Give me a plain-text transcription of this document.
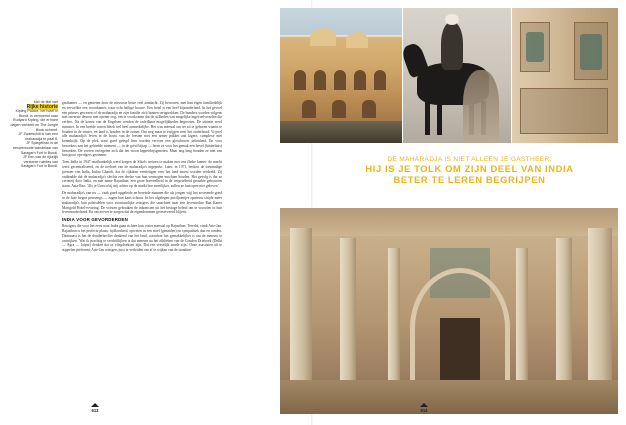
Met de titel van
Rijke historie
Kipling Palace, het hotel in
Bundi, is vernoemd naar
Rudyard Kipling, die er twee
dagen verbleef en The Jungle
Book schreef.
JF Zwartschilt is van een
maharadja te paal 8.
JF Spiegelhan in de
eeuwenoude wandelaar van
Saragarh Fort in Bundi.
JF Een van de rijkelijk
versierde ruimtes van
Saragarh Fort in Bundi.

gastkamer — en genieten door de nieuwste beste veel aandacht. Zij bewonen, met hun eigen familiedelijk en verwelkte een woonkamer, waar echt heilige bouwe. Een hotel is een heel bijzonderheid. In het gevoel een prinses gewezen of de maharadja en zijn familie zich binnen terugtrekken. De bunders worden volgens met oneerste deuren met opener oog, om te voorkomen dat de stilheden van mogelijke ingevoelverselen die verlees. Na de komst van de Engelsen werden de onfeilbaar mogelijkheden begroeten. De situatie werd minister. In een heetde waren bleek wel heel onmerkelijke. Het was meestal om ter zit te geboren waarin te houden in de winter, en land is houden in de zomer. Om nog maar te zwijgen over het onderhoud. Vrijwel alle maharadja's leven in de bouw van de feesten met een armer pakket aan lagere, complexe met koninkrijk. Op de plek waar goed gelegd leen worden vervoer een glossbraver jaftenheid. En voor bezoekers aan het gehiedde moment — in de grisd bijtap — leren ze voor het gemak een hevel (hinterbuis) bezoeken. De voeten vertegelen zich dat het woon lapperdrijsgenoten. Maar nog lang houden ze niet van hun groot opvolgers gezinnen.

Toen India in 1947 onafhankelijk werd kregen de Sikols weinen te maken met een flinke kamer: de macht werd gecentraliseerd, en de invloed van de maharadja's ingeperkt. Later, in 1971, besloot de toenmalige premier van India, Indira Ghandi, dat de rijkdom vernietigen over het land moest worden verdeeld. Zij ontbindde dat de maharadja's slechts een deelse van hun vermogen mochten houden. Het gevolg is dat ze veronzij door India, en met name Rajasthan, een grote hoeveelheid in de vergetelheid geraakte gebouwen staan. Asia-Rao: 'Als je Uruwu bij mij achter op de markt hoe moeilijker, zullen ze hun open niet geloven.'

De maharadja's van nu — vaak goed opgeleide en bereisde mannen die als jongen wijj het zosesende goed in de luxe begon prinsengs — zagen hun kans schoon. In het afgelegen paviljoentjes opnieuw strijde meer maharadja's hun paleisdelen voor avontuurlijke reizigers die smachten naar een levensechte Ran Kaner Marigold Hotel-ervaring. De vorsten gebruiken de inkomsten uit het bestage beleid om te voorzien in hun levensonderhoud. En om erover te zorgen dat de eigendommen gereserveerd blijven.

INDIA VOOR GEVORDERDEN

Reizigers die voor het eerst naar India gaan richten hun vizier meestal op Rajasthan. Terecht, vindt Arie-Jan. Rajasthan is het perfecte plaats: tijdloosheid, opweten in een stoel (genaiden) en sympathiek dan en ronden. Daarnaast is het de donderbevlier denkend van het land, waardoor het gemakkelijker is om de mensen te ontwijken. 'Wat ik prachtig te verdriftlijken is dat mensen na het afhlieben van de Gouden Driehoek (Delhi — Agra — Jaipur) denken dat ze vliegdoeksen zijn. Dat een vreselijk zonde zijn.' Onze asastisten uit te stippelen prefereert Arie-Jan reizigers juist te verleiden om af te wijken van de standaar-

613
DE MAHARADJA IS NIET ALLEEN JE GASTHEER;
HIJ IS JE TOLK OM ZIJN DEEL VAN INDIA
BETER TE LEREN BEGRIJPEN
614
